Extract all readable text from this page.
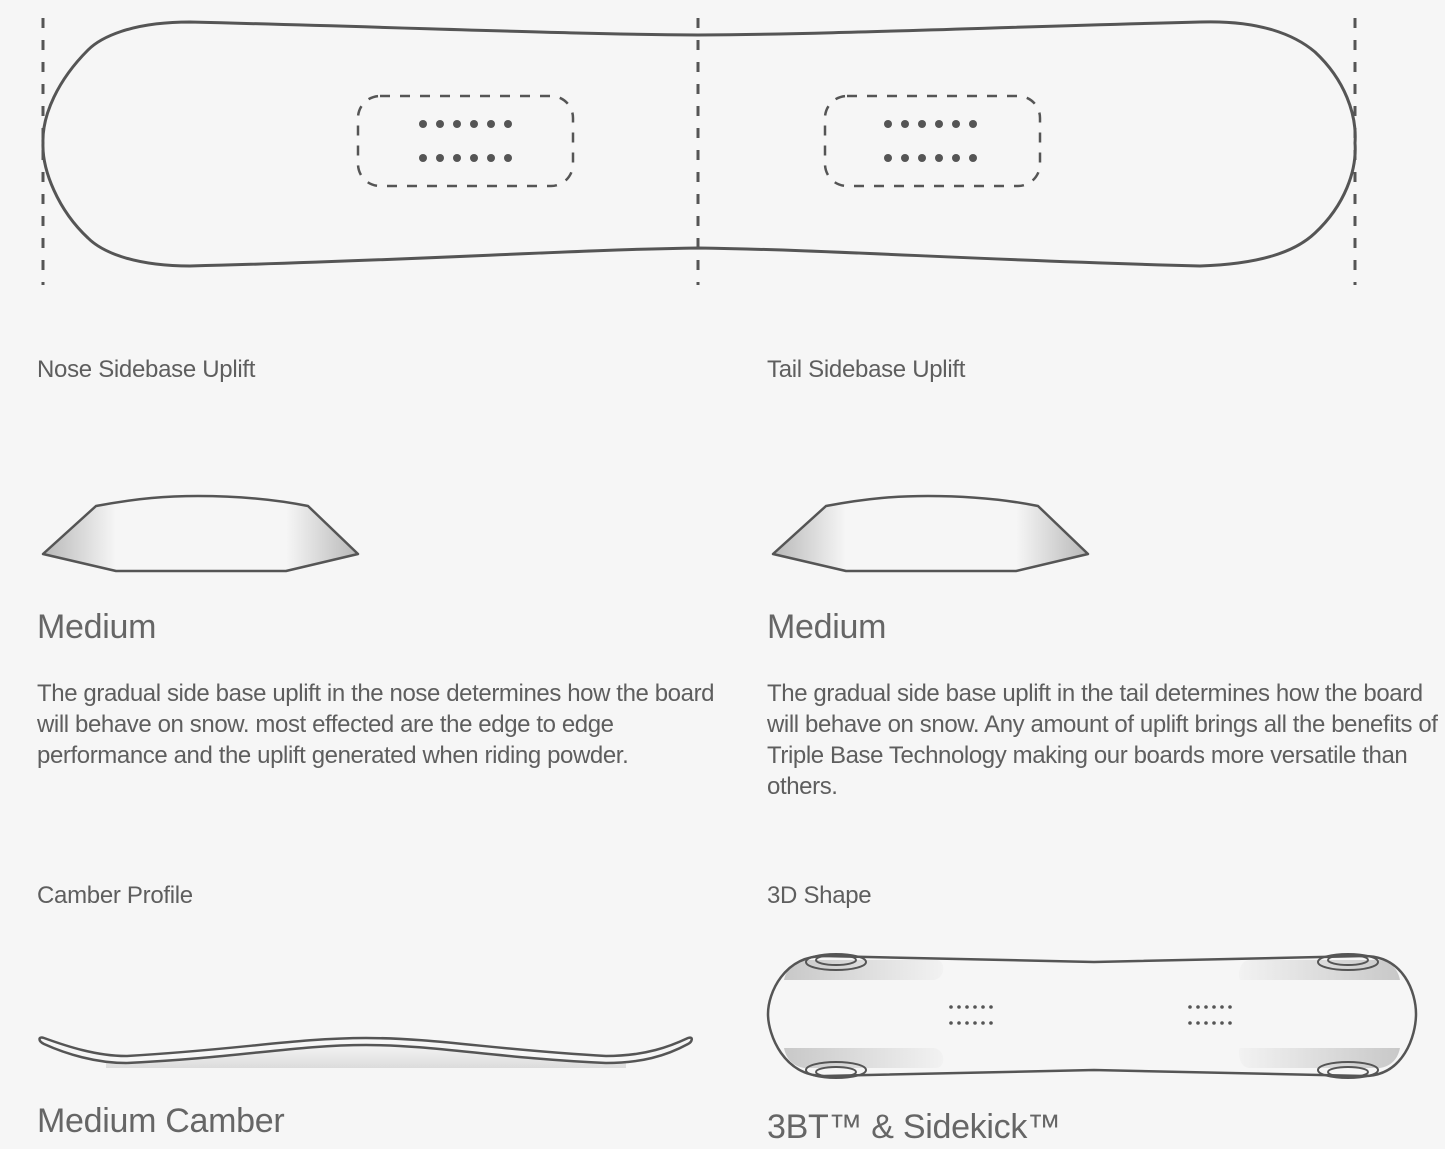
Nose Sidebase Uplift
Medium
The gradual side base uplift in the nose determines how the board will behave on snow. most effected are the edge to edge performance and the uplift generated when riding powder.
Tail Sidebase Uplift
Medium
The gradual side base uplift in the tail determines how the board will behave on snow. Any amount of uplift brings all the benefits of Triple Base Technology making our boards more versatile than others.
Camber Profile
Medium Camber
3D Shape
3BT™ & Sidekick™
